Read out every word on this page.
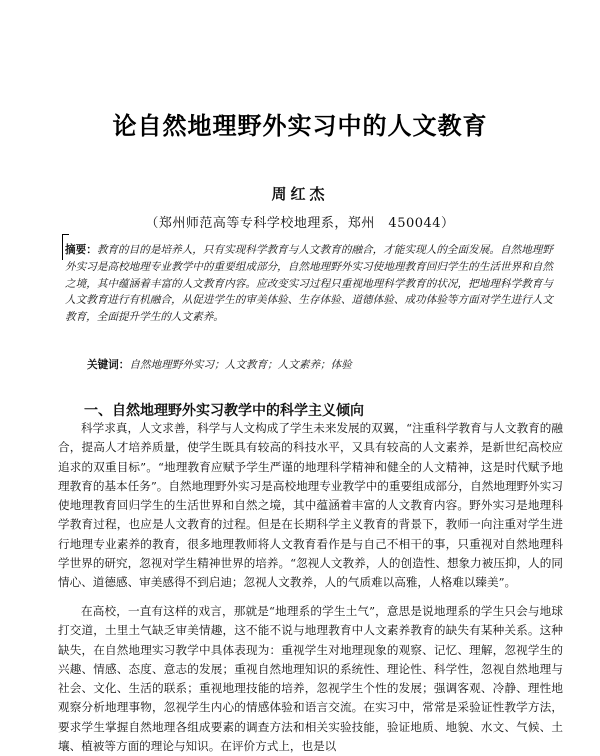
论自然地理野外实习中的人文教育
周红杰
（郑州师范高等专科学校地理系，郑州　450044）
摘要：教育的目的是培养人，只有实现科学教育与人文教育的融合，才能实现人的全面发展。自然地理野外实习是高校地理专业教学中的重要组成部分，自然地理野外实习使地理教育回归学生的生活世界和自然之境，其中蕴涵着丰富的人文教育内容。应改变实习过程只重视地理科学教育的状况，把地理科学教育与人文教育进行有机融合，从促进学生的审美体验、生存体验、道德体验、成功体验等方面对学生进行人文教育，全面提升学生的人文素养。
关键词：自然地理野外实习；人文教育；人文素养；体验
一、自然地理野外实习教学中的科学主义倾向
科学求真，人文求善，科学与人文构成了学生未来发展的双翼，“注重科学教育与人文教育的融合，提高人才培养质量，使学生既具有较高的科技水平，又具有较高的人文素养，是新世纪高校应追求的双重目标”。“地理教育应赋予学生严谨的地理科学精神和健全的人文精神，这是时代赋予地理教育的基本任务”。自然地理野外实习是高校地理专业教学中的重要组成部分，自然地理野外实习使地理教育回归学生的生活世界和自然之境，其中蕴涵着丰富的人文教育内容。野外实习是地理科学教育过程，也应是人文教育的过程。但是在长期科学主义教育的背景下，教师一向注重对学生进行地理专业素养的教育，很多地理教师将人文教育看作是与自己不相干的事，只重视对自然地理科学世界的研究，忽视对学生精神世界的培养。“忽视人文教养，人的创造性、想象力被压抑，人的同情心、道德感、审美感得不到启迪；忽视人文教养，人的气质难以高雅，人格难以臻美”。
在高校，一直有这样的戏言，那就是“地理系的学生土气”，意思是说地理系的学生只会与地球打交道，土里土气缺乏审美情趣，这不能不说与地理教育中人文素养教育的缺失有某种关系。这种缺失，在自然地理实习教学中具体表现为：重视学生对地理现象的观察、记忆、理解，忽视学生的兴趣、情感、态度、意志的发展；重视自然地理知识的系统性、理论性、科学性，忽视自然地理与社会、文化、生活的联系；重视地理技能的培养，忽视学生个性的发展；强调客观、冷静、理性地观察分析地理事物，忽视学生内心的情感体验和语言交流。在实习中，常常是采验证性教学方法，要求学生掌握自然地理各组成要素的调查方法和相关实验技能，验证地质、地貌、水文、气候、土壤、植被等方面的理论与知识。在评价方式上，也是以
